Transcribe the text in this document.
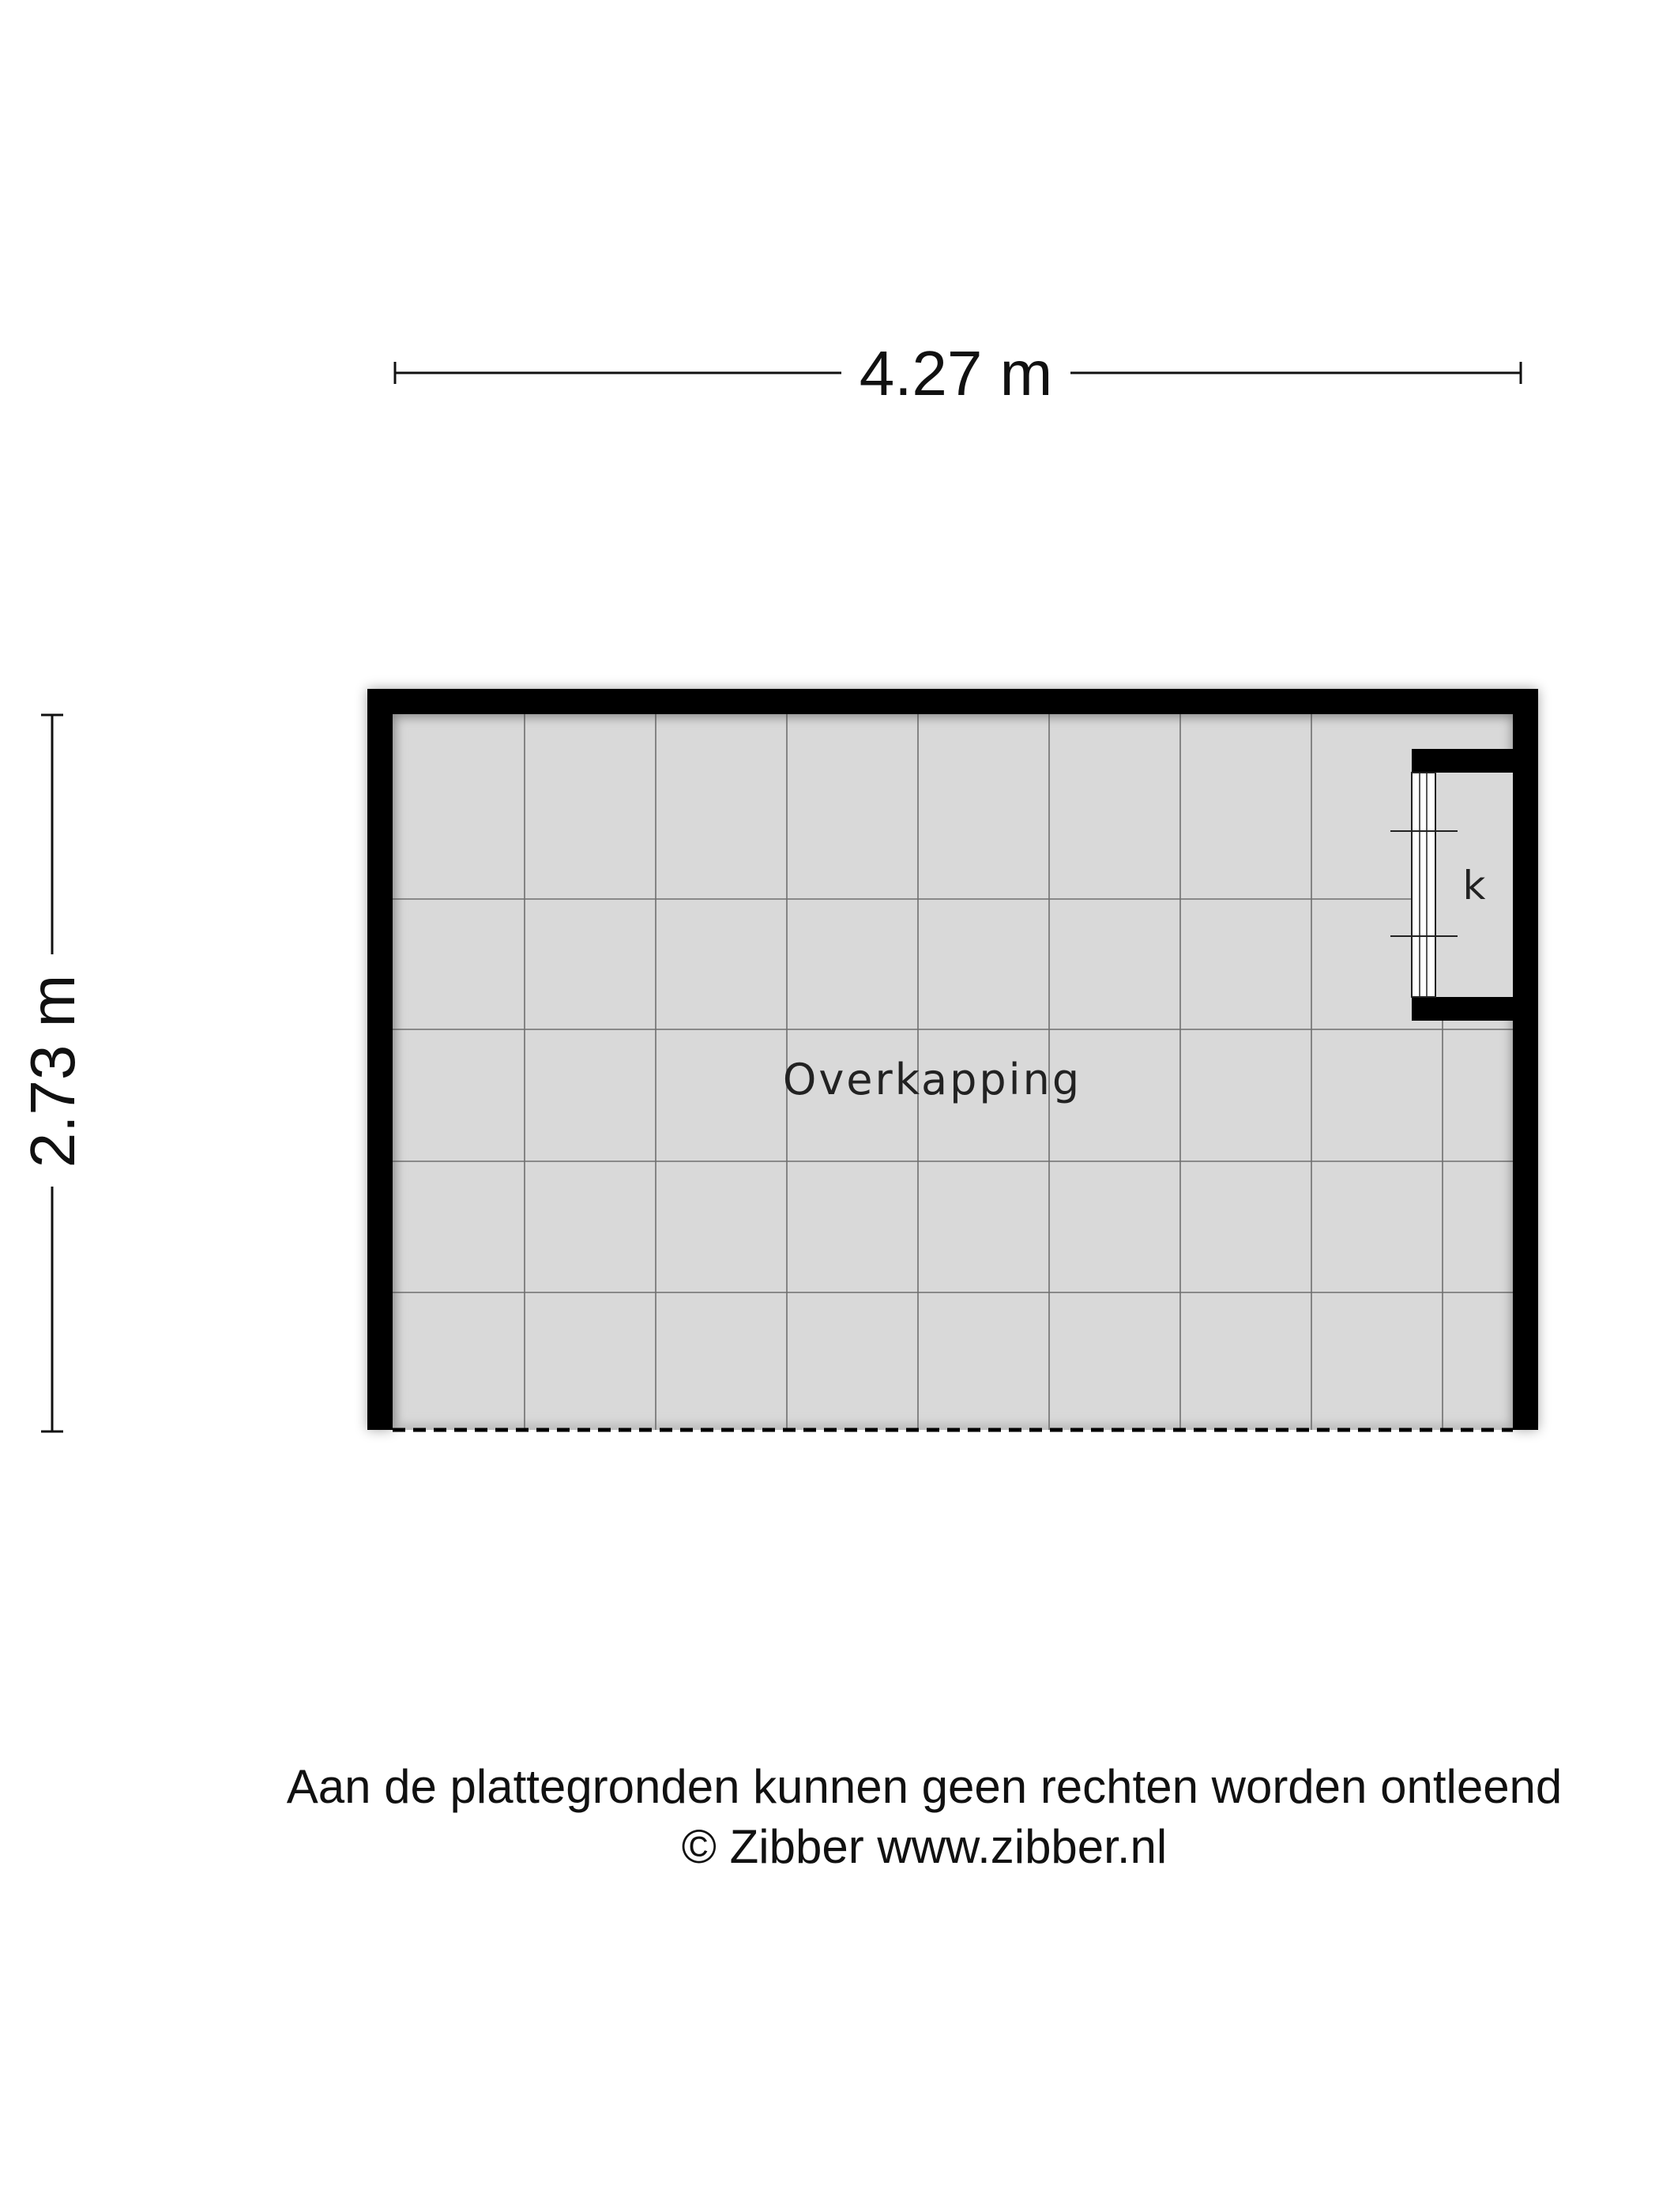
4.27 m
2.73 m
k
Overkapping
Aan de plattegronden kunnen geen rechten worden ontleend
© Zibber www.zibber.nl
